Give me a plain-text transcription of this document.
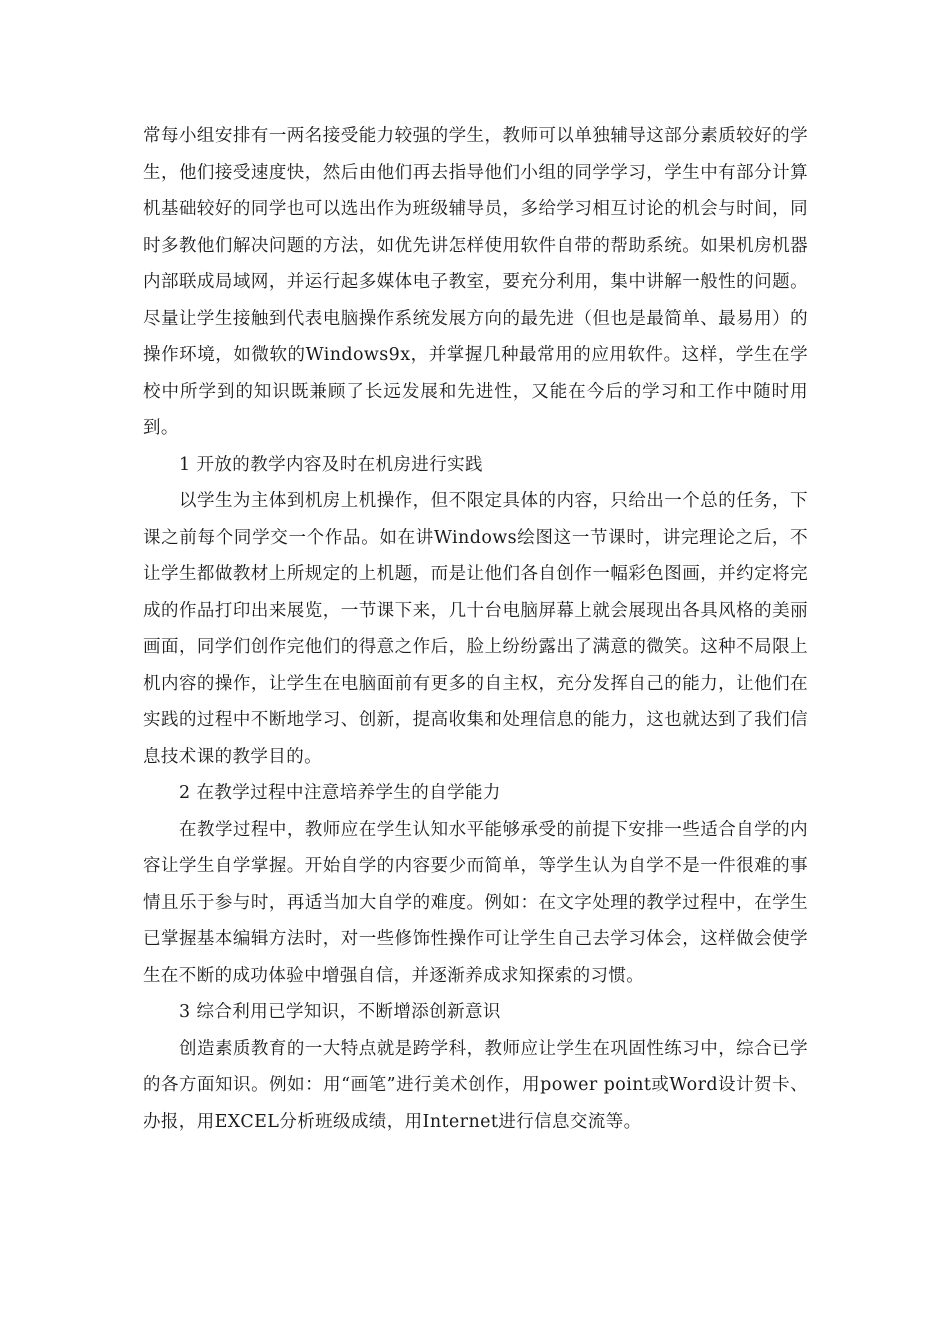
常每小组安排有一两名接受能力较强的学生，教师可以单独辅导这部分素质较好的学生，他们接受速度快，然后由他们再去指导他们小组的同学学习，学生中有部分计算机基础较好的同学也可以选出作为班级辅导员，多给学习相互讨论的机会与时间，同时多教他们解决问题的方法，如优先讲怎样使用软件自带的帮助系统。如果机房机器内部联成局域网，并运行起多媒体电子教室，要充分利用，集中讲解一般性的问题。尽量让学生接触到代表电脑操作系统发展方向的最先进（但也是最简单、最易用）的操作环境，如微软的Windows9x，并掌握几种最常用的应用软件。这样，学生在学校中所学到的知识既兼顾了长远发展和先进性，又能在今后的学习和工作中随时用到。

1 开放的教学内容及时在机房进行实践

以学生为主体到机房上机操作，但不限定具体的内容，只给出一个总的任务，下课之前每个同学交一个作品。如在讲Windows绘图这一节课时，讲完理论之后，不让学生都做教材上所规定的上机题，而是让他们各自创作一幅彩色图画，并约定将完成的作品打印出来展览，一节课下来，几十台电脑屏幕上就会展现出各具风格的美丽画面，同学们创作完他们的得意之作后，脸上纷纷露出了满意的微笑。这种不局限上机内容的操作，让学生在电脑面前有更多的自主权，充分发挥自己的能力，让他们在实践的过程中不断地学习、创新，提高收集和处理信息的能力，这也就达到了我们信息技术课的教学目的。

2 在教学过程中注意培养学生的自学能力

在教学过程中，教师应在学生认知水平能够承受的前提下安排一些适合自学的内容让学生自学掌握。开始自学的内容要少而简单，等学生认为自学不是一件很难的事情且乐于参与时，再适当加大自学的难度。例如：在文字处理的教学过程中，在学生已掌握基本编辑方法时，对一些修饰性操作可让学生自己去学习体会，这样做会使学生在不断的成功体验中增强自信，并逐渐养成求知探索的习惯。

3 综合利用已学知识，不断增添创新意识

创造素质教育的一大特点就是跨学科，教师应让学生在巩固性练习中，综合已学的各方面知识。例如：用“画笔”进行美术创作，用power point或Word设计贺卡、办报，用EXCEL分析班级成绩，用Internet进行信息交流等。
